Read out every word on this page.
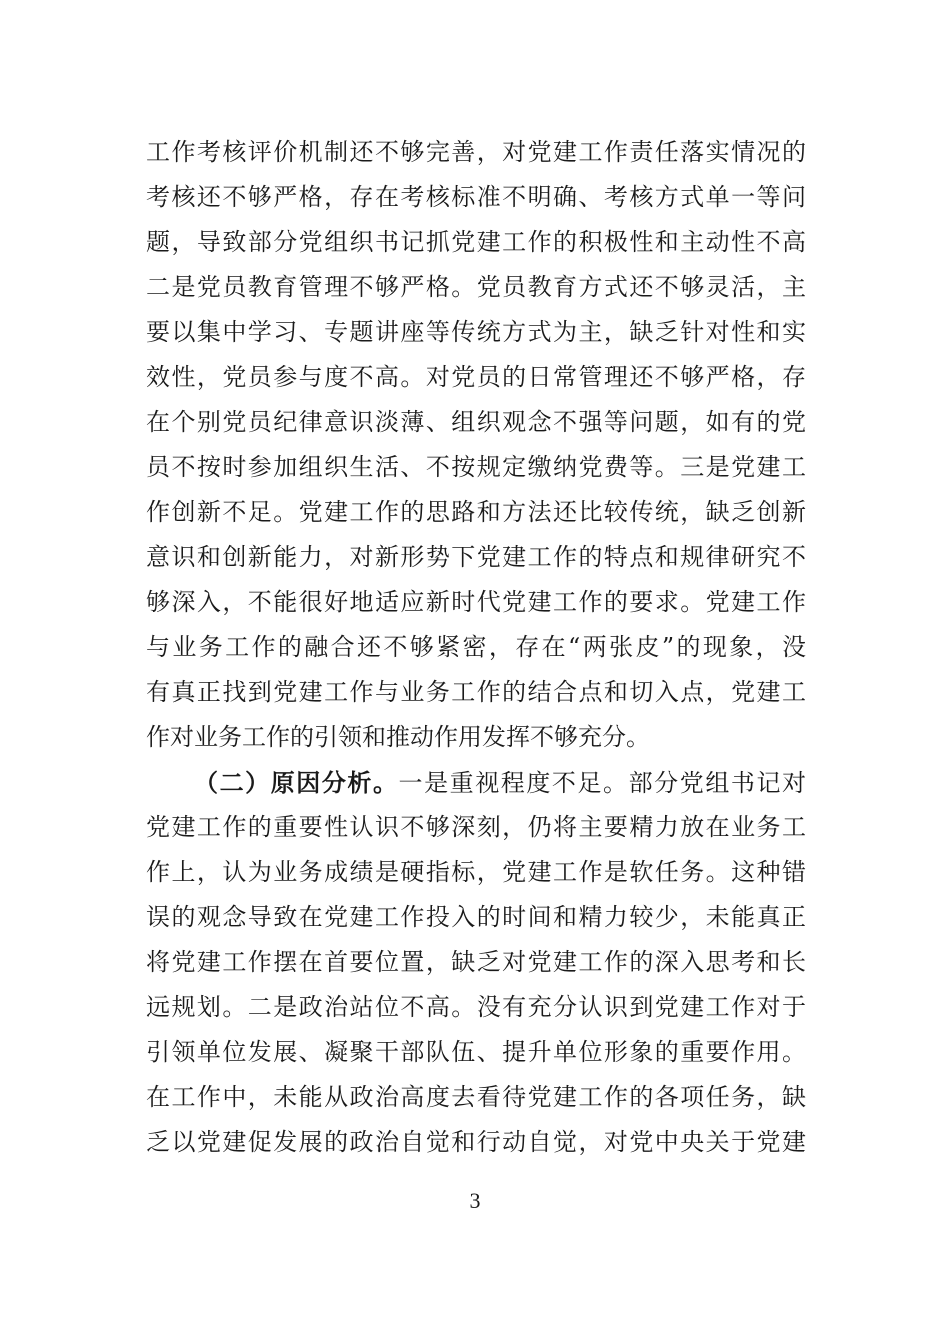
工作考核评价机制还不够完善，对党建工作责任落实情况的
考核还不够严格，存在考核标准不明确、考核方式单一等问
题，导致部分党组织书记抓党建工作的积极性和主动性不高
二是党员教育管理不够严格。党员教育方式还不够灵活，主
要以集中学习、专题讲座等传统方式为主，缺乏针对性和实
效性，党员参与度不高。对党员的日常管理还不够严格，存
在个别党员纪律意识淡薄、组织观念不强等问题，如有的党
员不按时参加组织生活、不按规定缴纳党费等。三是党建工
作创新不足。党建工作的思路和方法还比较传统，缺乏创新
意识和创新能力，对新形势下党建工作的特点和规律研究不
够深入，不能很好地适应新时代党建工作的要求。党建工作
与业务工作的融合还不够紧密，存在“两张皮”的现象，没
有真正找到党建工作与业务工作的结合点和切入点，党建工
作对业务工作的引领和推动作用发挥不够充分。
（二）原因分析。一是重视程度不足。部分党组书记对
党建工作的重要性认识不够深刻，仍将主要精力放在业务工
作上，认为业务成绩是硬指标，党建工作是软任务。这种错
误的观念导致在党建工作投入的时间和精力较少，未能真正
将党建工作摆在首要位置，缺乏对党建工作的深入思考和长
远规划。二是政治站位不高。没有充分认识到党建工作对于
引领单位发展、凝聚干部队伍、提升单位形象的重要作用。
在工作中，未能从政治高度去看待党建工作的各项任务，缺
乏以党建促发展的政治自觉和行动自觉，对党中央关于党建
3
